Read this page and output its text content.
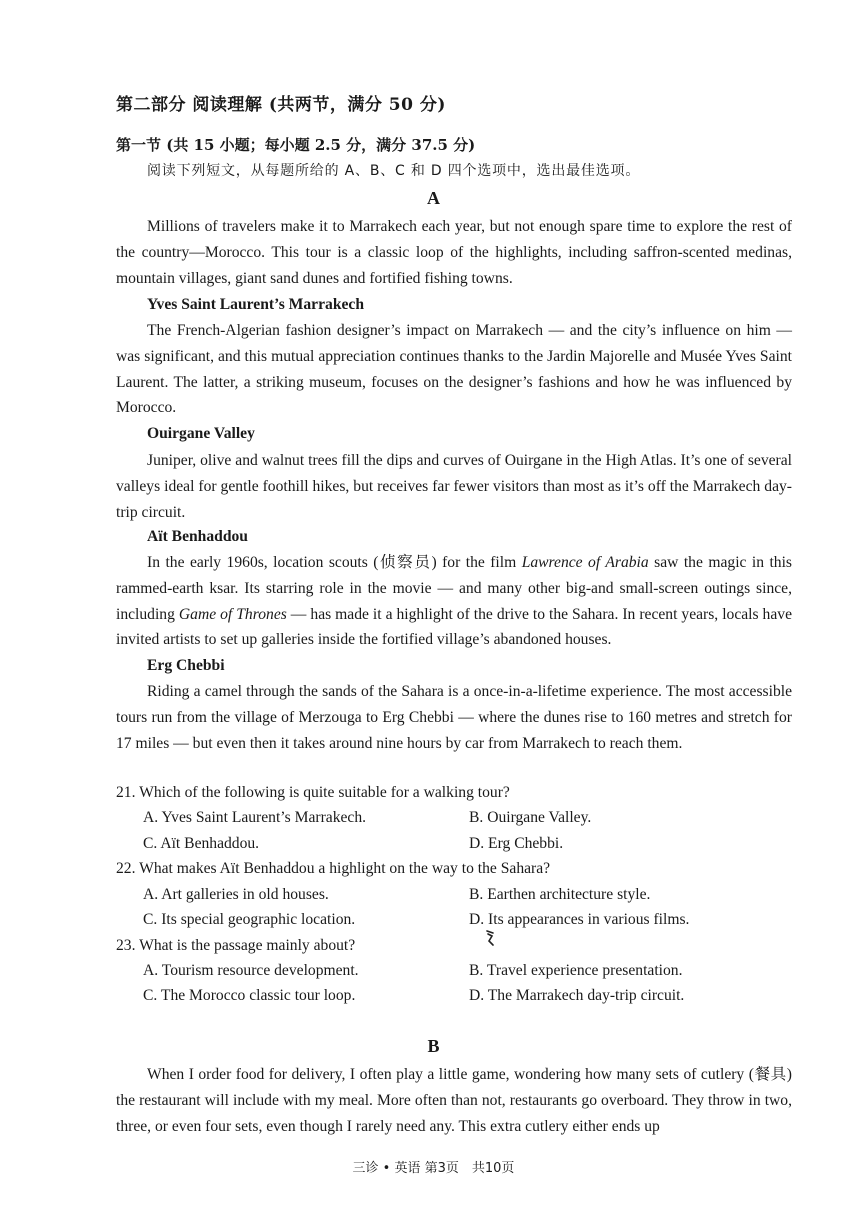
第二部分 阅读理解 (共两节，满分 50 分)
第一节 (共 15 小题；每小题 2.5 分，满分 37.5 分)
阅读下列短文，从每题所给的 A、B、C 和 D 四个选项中，选出最佳选项。
A
Millions of travelers make it to Marrakech each year, but not enough spare time to explore the rest of the country—Morocco. This tour is a classic loop of the highlights, including saffron-scented medinas, mountain villages, giant sand dunes and fortified fishing towns.
Yves Saint Laurent’s Marrakech
The French-Algerian fashion designer’s impact on Marrakech — and the city’s influence on him — was significant, and this mutual appreciation continues thanks to the Jardin Majorelle and Musée Yves Saint Laurent. The latter, a striking museum, focuses on the designer’s fashions and how he was influenced by Morocco.
Ouirgane Valley
Juniper, olive and walnut trees fill the dips and curves of Ouirgane in the High Atlas. It’s one of several valleys ideal for gentle foothill hikes, but receives far fewer visitors than most as it’s off the Marrakech day-trip circuit.
Aït Benhaddou
In the early 1960s, location scouts (侦察员) for the film Lawrence of Arabia saw the magic in this rammed-earth ksar. Its starring role in the movie — and many other big-and small-screen outings since, including Game of Thrones — has made it a highlight of the drive to the Sahara. In recent years, locals have invited artists to set up galleries inside the fortified village’s abandoned houses.
Erg Chebbi
Riding a camel through the sands of the Sahara is a once-in-a-lifetime experience. The most accessible tours run from the village of Merzouga to Erg Chebbi — where the dunes rise to 160 metres and stretch for 17 miles — but even then it takes around nine hours by car from Marrakech to reach them.
21. Which of the following is quite suitable for a walking tour?
A. Yves Saint Laurent’s Marrakech.	B. Ouirgane Valley.
C. Aït Benhaddou.	D. Erg Chebbi.
22. What makes Aït Benhaddou a highlight on the way to the Sahara?
A. Art galleries in old houses.	B. Earthen architecture style.
C. Its special geographic location.	D. Its appearances in various films.
23. What is the passage mainly about?
A. Tourism resource development.	B. Travel experience presentation.
C. The Morocco classic tour loop.	D. The Marrakech day-trip circuit.
B
When I order food for delivery, I often play a little game, wondering how many sets of cutlery (餐具) the restaurant will include with my meal. More often than not, restaurants go overboard. They throw in two, three, or even four sets, even though I rarely need any. This extra cutlery either ends up
三诊 • 英语 第3页　共10页
